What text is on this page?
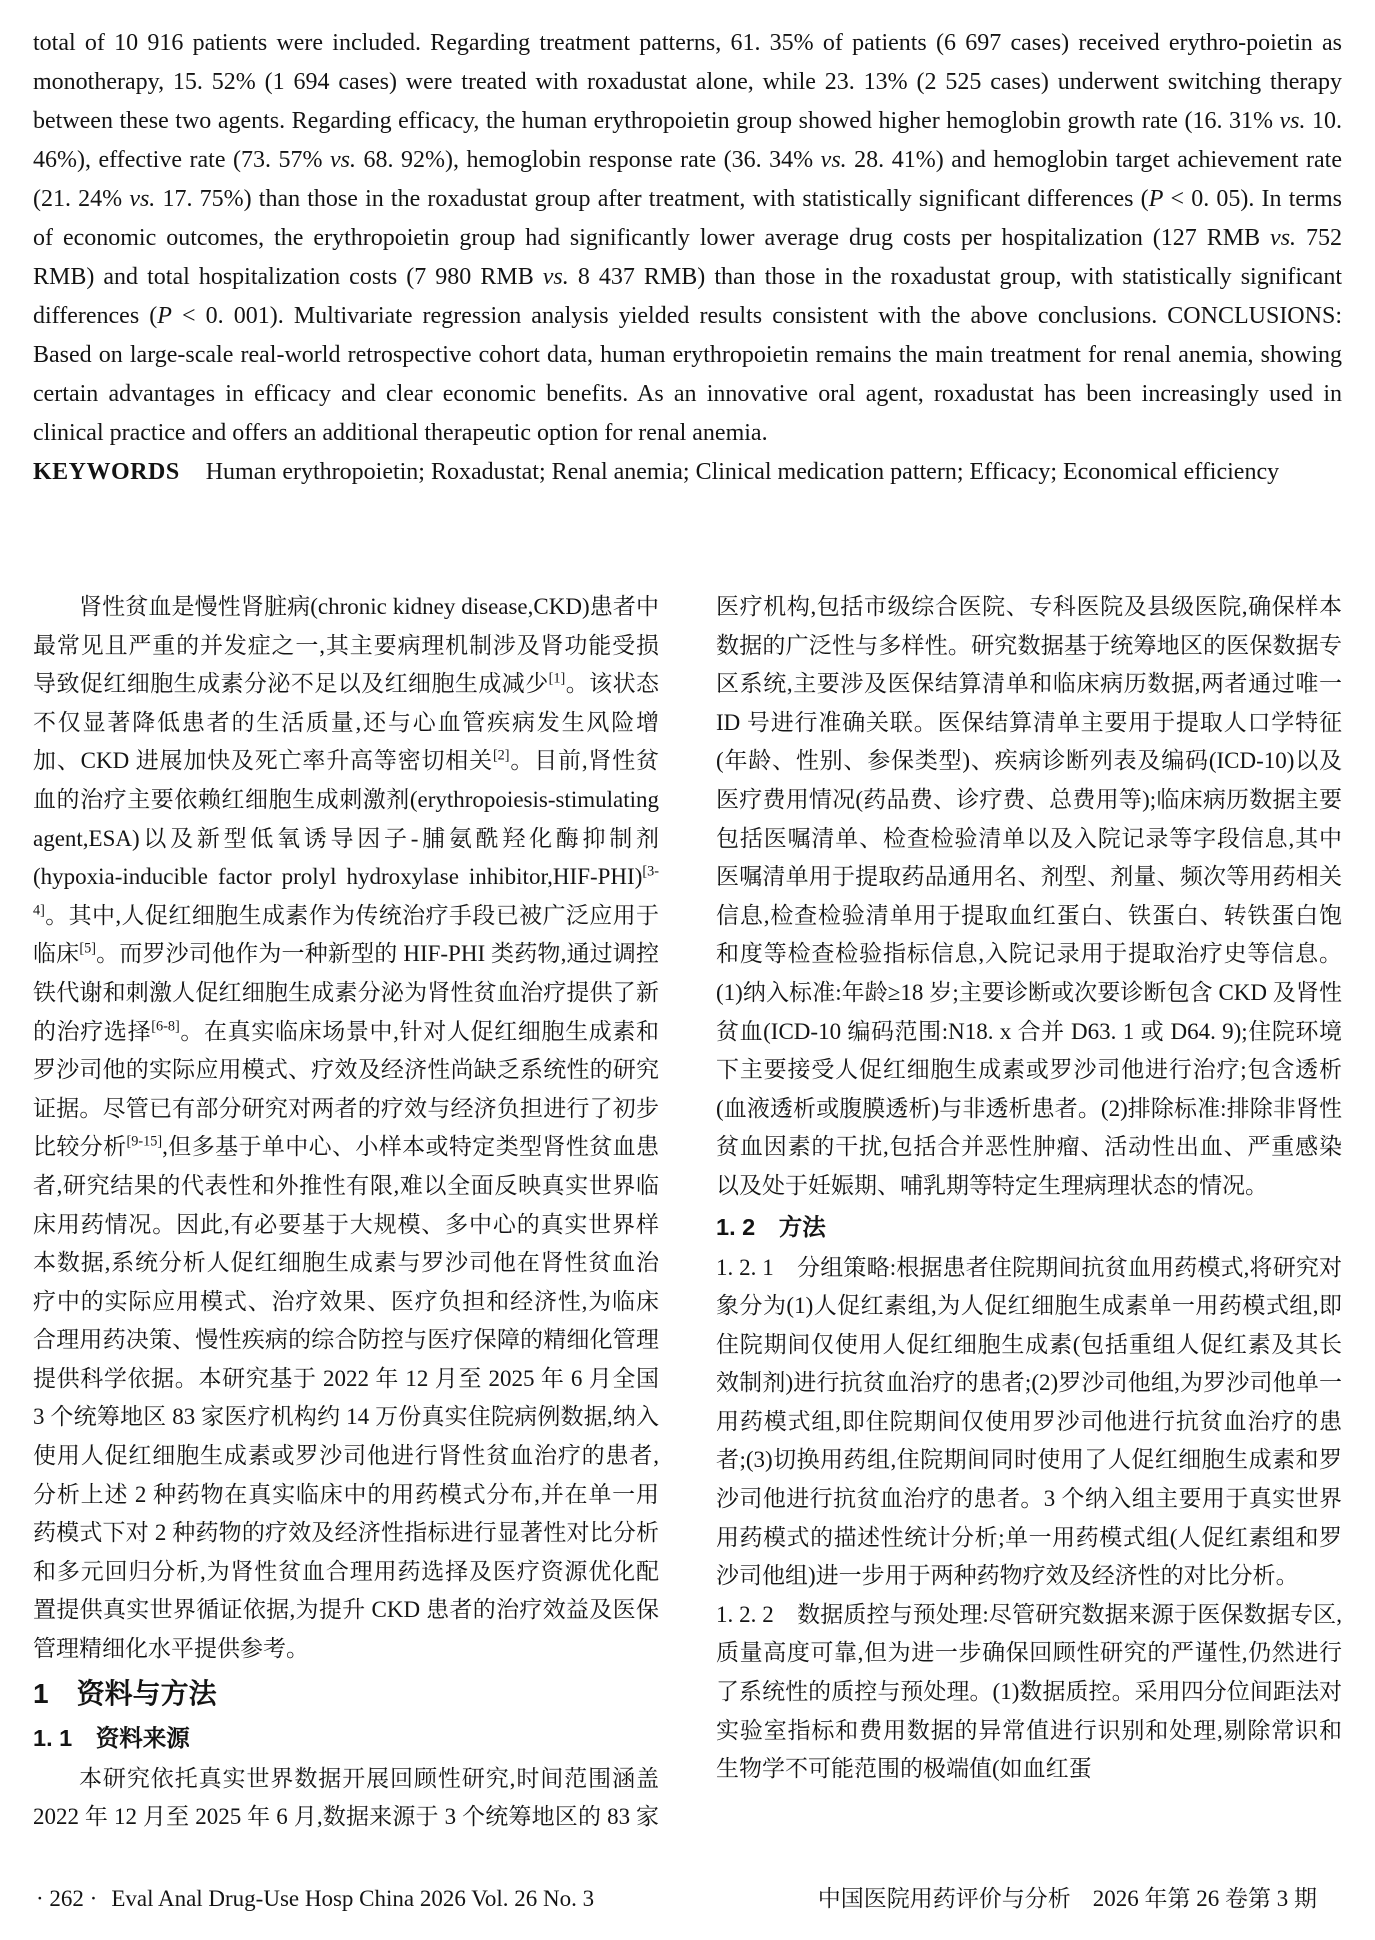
total of 10 916 patients were included. Regarding treatment patterns, 61. 35% of patients (6 697 cases) received erythro-poietin as monotherapy, 15. 52% (1 694 cases) were treated with roxadustat alone, while 23. 13% (2 525 cases) underwent switching therapy between these two agents. Regarding efficacy, the human erythropoietin group showed higher hemoglobin growth rate (16. 31% vs. 10. 46%), effective rate (73. 57% vs. 68. 92%), hemoglobin response rate (36. 34% vs. 28. 41%) and hemoglobin target achievement rate (21. 24% vs. 17. 75%) than those in the roxadustat group after treatment, with statistically significant differences (P < 0. 05). In terms of economic outcomes, the erythropoietin group had significantly lower average drug costs per hospitalization (127 RMB vs. 752 RMB) and total hospitalization costs (7 980 RMB vs. 8 437 RMB) than those in the roxadustat group, with statistically significant differences (P < 0. 001). Multivariate regression analysis yielded results consistent with the above conclusions. CONCLUSIONS: Based on large-scale real-world retrospective cohort data, human erythropoietin remains the main treatment for renal anemia, showing certain advantages in efficacy and clear economic benefits. As an innovative oral agent, roxadustat has been increasingly used in clinical practice and offers an additional therapeutic option for renal anemia.

KEYWORDS Human erythropoietin; Roxadustat; Renal anemia; Clinical medication pattern; Efficacy; Economical efficiency

肾性贫血是慢性肾脏病(chronic kidney disease,CKD)患者中最常见且严重的并发症之一,其主要病理机制涉及肾功能受损导致促红细胞生成素分泌不足以及红细胞生成减少[1]。该状态不仅显著降低患者的生活质量,还与心血管疾病发生风险增加、CKD 进展加快及死亡率升高等密切相关[2]。目前,肾性贫血的治疗主要依赖红细胞生成刺激剂(erythropoiesis-stimulating agent,ESA)以及新型低氧诱导因子-脯氨酰羟化酶抑制剂(hypoxia-inducible factor prolyl hydroxylase inhibitor,HIF-PHI)[3-4]。其中,人促红细胞生成素作为传统治疗手段已被广泛应用于临床[5]。而罗沙司他作为一种新型的 HIF-PHI 类药物,通过调控铁代谢和刺激人促红细胞生成素分泌为肾性贫血治疗提供了新的治疗选择[6-8]。在真实临床场景中,针对人促红细胞生成素和罗沙司他的实际应用模式、疗效及经济性尚缺乏系统性的研究证据。尽管已有部分研究对两者的疗效与经济负担进行了初步比较分析[9-15],但多基于单中心、小样本或特定类型肾性贫血患者,研究结果的代表性和外推性有限,难以全面反映真实世界临床用药情况。因此,有必要基于大规模、多中心的真实世界样本数据,系统分析人促红细胞生成素与罗沙司他在肾性贫血治疗中的实际应用模式、治疗效果、医疗负担和经济性,为临床合理用药决策、慢性疾病的综合防控与医疗保障的精细化管理提供科学依据。本研究基于 2022 年 12 月至 2025 年 6 月全国 3 个统筹地区 83 家医疗机构约 14 万份真实住院病例数据,纳入使用人促红细胞生成素或罗沙司他进行肾性贫血治疗的患者,分析上述 2 种药物在真实临床中的用药模式分布,并在单一用药模式下对 2 种药物的疗效及经济性指标进行显著性对比分析和多元回归分析,为肾性贫血合理用药选择及医疗资源优化配置提供真实世界循证依据,为提升 CKD 患者的治疗效益及医保管理精细化水平提供参考。

1　资料与方法
1. 1　资料来源

本研究依托真实世界数据开展回顾性研究,时间范围涵盖 2022 年 12 月至 2025 年 6 月,数据来源于 3 个统筹地区的 83 家医疗机构,包括市级综合医院、专科医院及县级医院,确保样本数据的广泛性与多样性。研究数据基于统筹地区的医保数据专区系统,主要涉及医保结算清单和临床病历数据,两者通过唯一 ID 号进行准确关联。医保结算清单主要用于提取人口学特征(年龄、性别、参保类型)、疾病诊断列表及编码(ICD-10)以及医疗费用情况(药品费、诊疗费、总费用等);临床病历数据主要包括医嘱清单、检查检验清单以及入院记录等字段信息,其中医嘱清单用于提取药品通用名、剂型、剂量、频次等用药相关信息,检查检验清单用于提取血红蛋白、铁蛋白、转铁蛋白饱和度等检查检验指标信息,入院记录用于提取治疗史等信息。(1)纳入标准:年龄≥18 岁;主要诊断或次要诊断包含 CKD 及肾性贫血(ICD-10 编码范围:N18. x 合并 D63. 1 或 D64. 9);住院环境下主要接受人促红细胞生成素或罗沙司他进行治疗;包含透析(血液透析或腹膜透析)与非透析患者。(2)排除标准:排除非肾性贫血因素的干扰,包括合并恶性肿瘤、活动性出血、严重感染以及处于妊娠期、哺乳期等特定生理病理状态的情况。

1. 2　方法

1. 2. 1　分组策略:根据患者住院期间抗贫血用药模式,将研究对象分为(1)人促红素组,为人促红细胞生成素单一用药模式组,即住院期间仅使用人促红细胞生成素(包括重组人促红素及其长效制剂)进行抗贫血治疗的患者;(2)罗沙司他组,为罗沙司他单一用药模式组,即住院期间仅使用罗沙司他进行抗贫血治疗的患者;(3)切换用药组,住院期间同时使用了人促红细胞生成素和罗沙司他进行抗贫血治疗的患者。3 个纳入组主要用于真实世界用药模式的描述性统计分析;单一用药模式组(人促红素组和罗沙司他组)进一步用于两种药物疗效及经济性的对比分析。

1. 2. 2　数据质控与预处理:尽管研究数据来源于医保数据专区,质量高度可靠,但为进一步确保回顾性研究的严谨性,仍然进行了系统性的质控与预处理。(1)数据质控。采用四分位间距法对实验室指标和费用数据的异常值进行识别和处理,剔除常识和生物学不可能范围的极端值(如血红蛋

· 262 · Eval Anal Drug-Use Hosp China 2026 Vol. 26 No. 3	中国医院用药评价与分析 2026 年第 26 卷第 3 期
